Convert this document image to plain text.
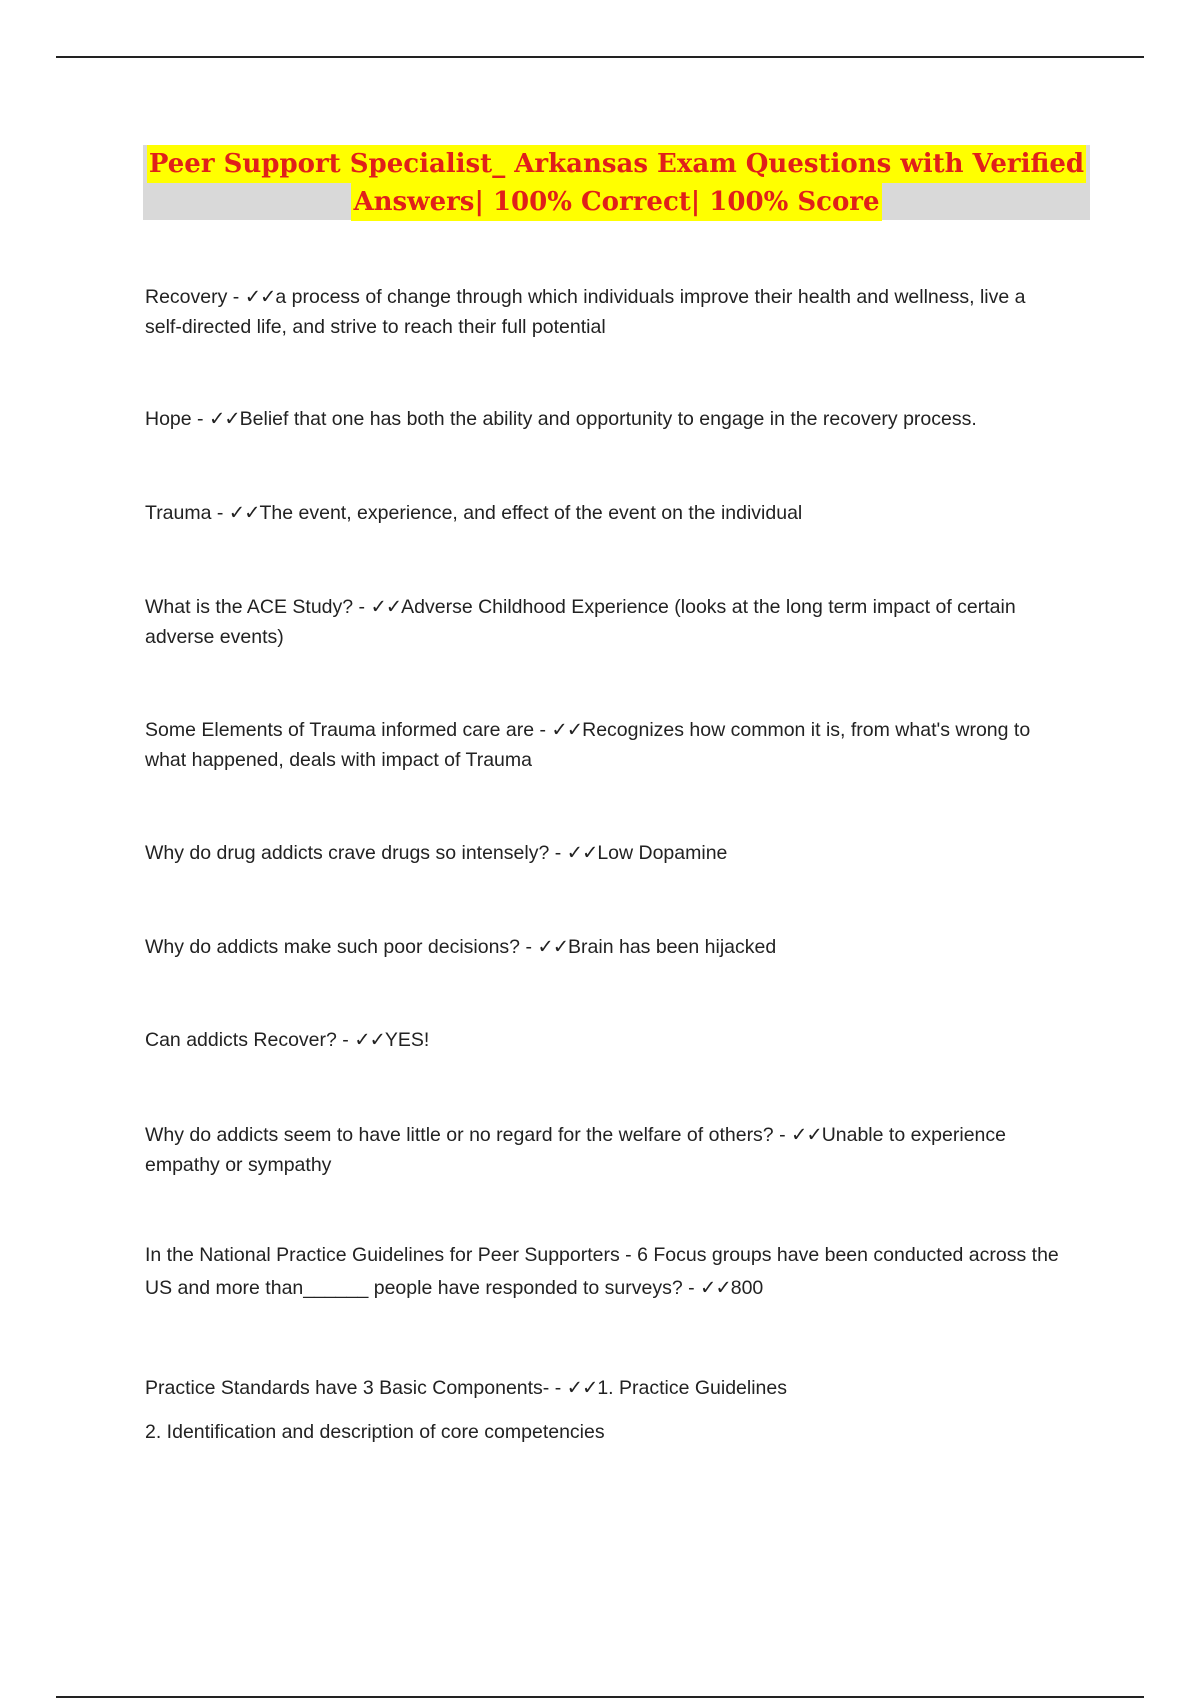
Peer Support Specialist_ Arkansas Exam Questions with Verified
Answers| 100% Correct| 100% Score
Recovery - ✓✓a process of change through which individuals improve their health and wellness, live a
self-directed life, and strive to reach their full potential
Hope - ✓✓Belief that one has both the ability and opportunity to engage in the recovery process.
Trauma - ✓✓The event, experience, and effect of the event on the individual
What is the ACE Study? - ✓✓Adverse Childhood Experience (looks at the long term impact of certain
adverse events)
Some Elements of Trauma informed care are - ✓✓Recognizes how common it is, from what's wrong to
what happened, deals with impact of Trauma
Why do drug addicts crave drugs so intensely? - ✓✓Low Dopamine
Why do addicts make such poor decisions? - ✓✓Brain has been hijacked
Can addicts Recover? - ✓✓YES!
Why do addicts seem to have little or no regard for the welfare of others? - ✓✓Unable to experience
empathy or sympathy
In the National Practice Guidelines for Peer Supporters - 6 Focus groups have been conducted across the
US and more than______ people have responded to surveys? - ✓✓800
Practice Standards have 3 Basic Components- - ✓✓1. Practice Guidelines
2. Identification and description of core competencies
